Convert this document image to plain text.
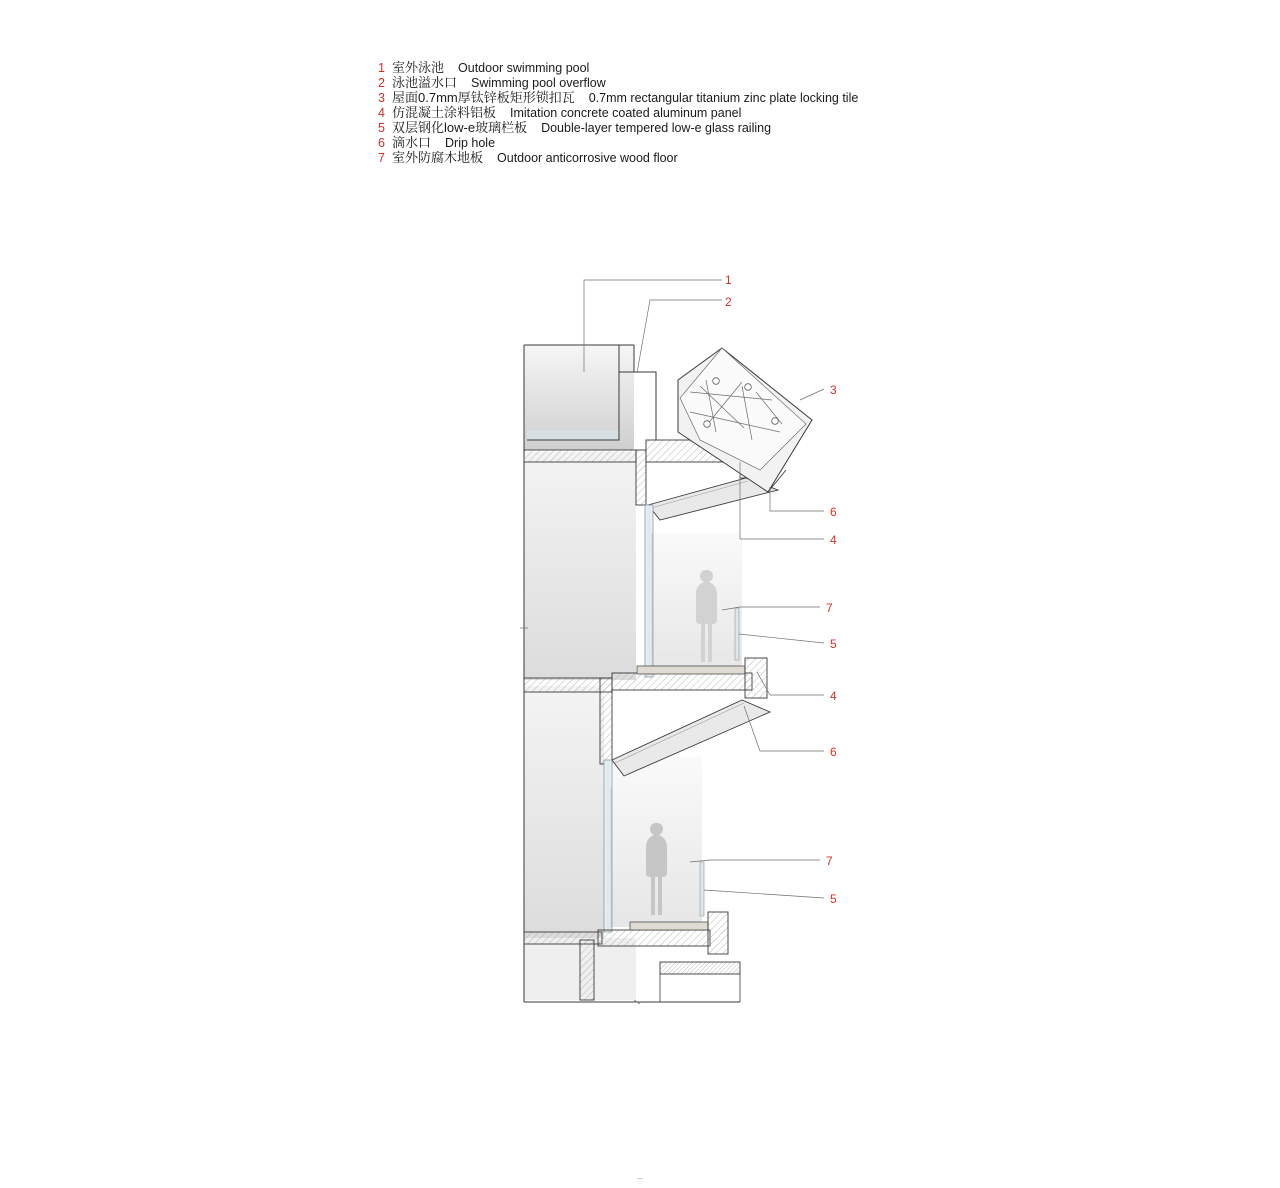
1 室外泳池 Outdoor swimming pool
2 泳池溢水口 Swimming pool overflow
3 屋面0.7mm厚钛锌板矩形锁扣瓦 0.7mm rectangular titanium zinc plate locking tile
4 仿混凝土涂料铝板 Imitation concrete coated aluminum panel
5 双层钢化low-e玻璃栏板 Double-layer tempered low-e glass railing
6 滴水口 Drip hole
7 室外防腐木地板 Outdoor anticorrosive wood floor
1
2
3
6
4
7
5
4
6
7
5
